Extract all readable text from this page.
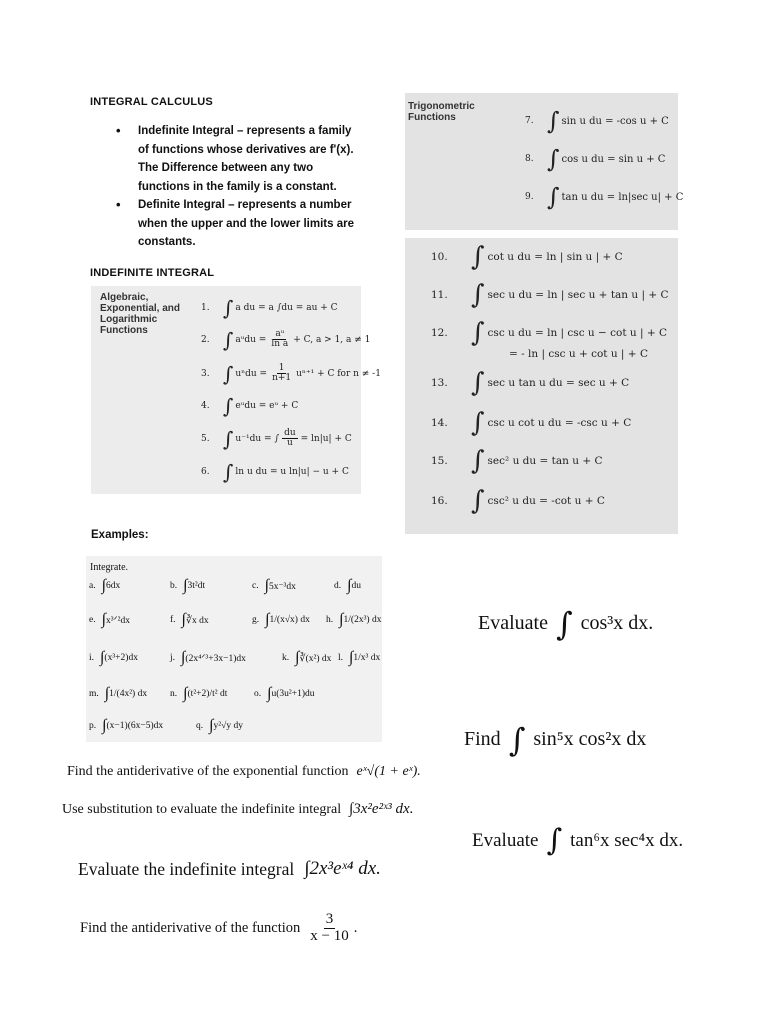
INTEGRAL CALCULUS
• Indefinite Integral – represents a family
of functions whose derivatives are f'(x).
The Difference between any two
functions in the family is a constant.
• Definite Integral – represents a number
when the upper and the lower limits are
constants.
INDEFINITE INTEGRAL
Algebraic,
Exponential, and
Logarithmic
Functions
1. ∫ a du = a ∫du = au + C
2. ∫ aᵘdu = $\frac{\text{aᵘ}}{\text{ln a}} + C$, a > 1, a ≠ 1
3. ∫ $u^ndu = \frac{1}{n+1} u^{n+1} + C$ for n ≠ -1
4. ∫ eᵘdu = eᵘ + C
5. ∫ u⁻¹du = ∫ $\frac{du}{u} = \ln|u| + C$
6. ∫ ln u du = u ln|u| − u + C
Trigonometric
Functions	7. ∫ sin u du = -cos u + C
8. ∫ cos u du = sin u + C
9. ∫ tan u du = ln|sec u| + C
10. ∫ cot u du = ln | sin u | + C
11. ∫ sec u du = ln | sec u + tan u | + C
12. ∫ csc u du = ln | csc u − cot u | + C
= - ln | csc u + cot u | + C
13. ∫ sec u tan u du = sec u + C
14. ∫ csc u cot u du = -csc u + C
15. ∫ sec² u du = tan u + C
16. ∫ csc² u du = -cot u + C
Examples:
Integrate.
a. ∫ 6dx	b. ∫ 3t²dt	c. ∫ 5x⁻³dx	d. ∫ du
e. ∫ x³ᐟ²dx	f. ∫ ∛x dx	g. ∫ 1/(x√x) dx h. ∫ 1/(2x³) dx
i. ∫ (x³+2)dx	j. ∫ (2x⁴ᐟ³+3x−1)dx	k. ∫ ∛(x²) dx l. ∫ 1/x³ dx
m. ∫ 1/(4x²) dx n. ∫ (t²+2)/t² dt	o. ∫ u(3u²+1)du
p. ∫ (x−1)(6x−5)dx	q. ∫ y²√y dy
Find the antiderivative of the exponential function eˣ√(1 + eˣ).
Use substitution to evaluate the indefinite integral ∫3x²e²ˣ³ dx.
Evaluate the indefinite integral ∫2x³eˣ⁴ dx.
Find the antiderivative of the function $\frac{3}{x - 10}$ .
Evaluate ∫ cos³x dx.
Find ∫ sin⁵x cos²x dx
Evaluate ∫ tan⁶x sec⁴x dx.
